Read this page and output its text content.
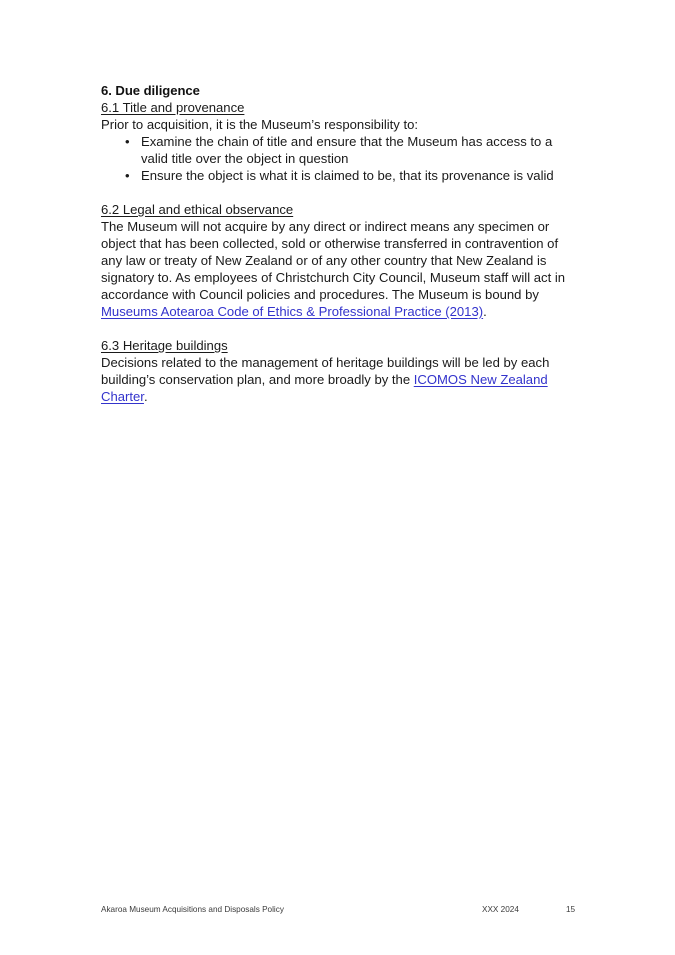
6. Due diligence
6.1 Title and provenance

Prior to acquisition, it is the Museum’s responsibility to:

• Examine the chain of title and ensure that the Museum has access to a valid title over the object in question
• Ensure the object is what it is claimed to be, that its provenance is valid
6.2 Legal and ethical observance

The Museum will not acquire by any direct or indirect means any specimen or object that has been collected, sold or otherwise transferred in contravention of any law or treaty of New Zealand or of any other country that New Zealand is signatory to. As employees of Christchurch City Council, Museum staff will act in accordance with Council policies and procedures. The Museum is bound by Museums Aotearoa Code of Ethics & Professional Practice (2013).

6.3 Heritage buildings

Decisions related to the management of heritage buildings will be led by each building’s conservation plan, and more broadly by the ICOMOS New Zealand Charter.

Akaroa Museum Acquisitions and Disposals Policy	XXX 2024	15
